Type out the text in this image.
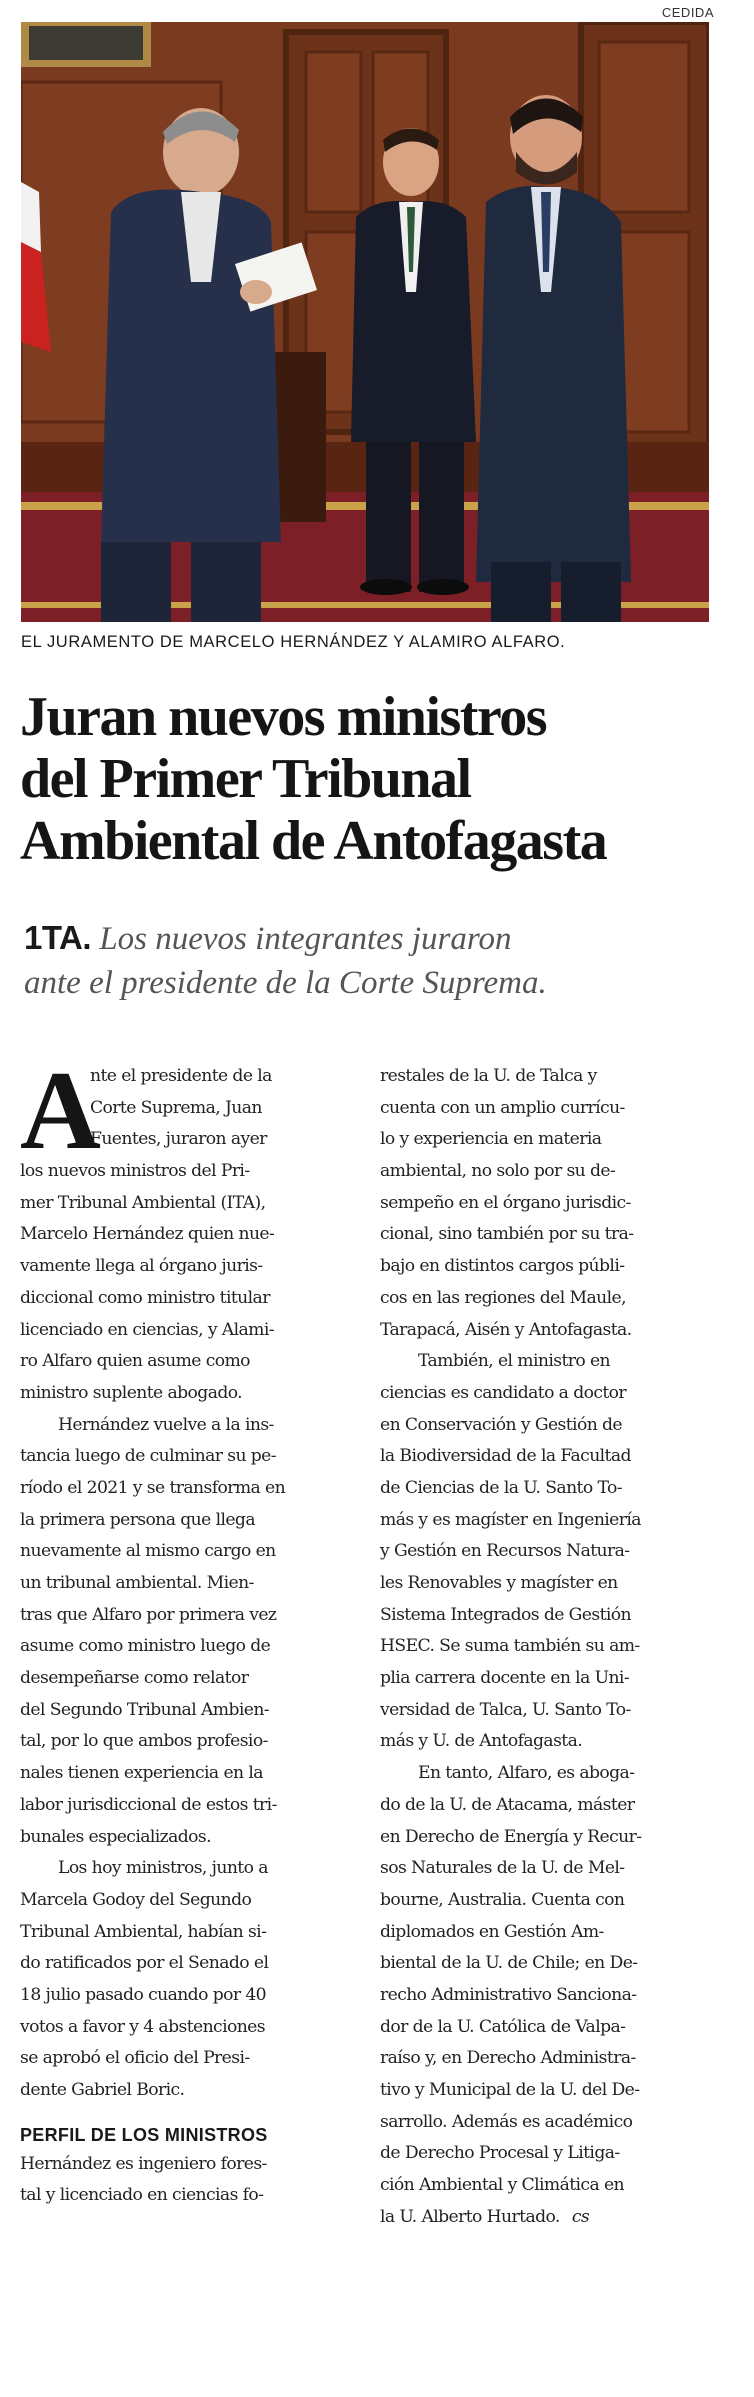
CEDIDA
EL JURAMENTO DE MARCELO HERNÁNDEZ Y ALAMIRO ALFARO.
Juran nuevos ministros
del Primer Tribunal
Ambiental de Antofagasta
1TA. Los nuevos integrantes juraron
ante el presidente de la Corte Suprema.
A
nte el presidente de la
Corte Suprema, Juan
Fuentes, juraron ayer
los nuevos ministros del Pri-
mer Tribunal Ambiental (ITA),
Marcelo Hernández quien nue-
vamente llega al órgano juris-
diccional como ministro titular
licenciado en ciencias, y Alami-
ro Alfaro quien asume como
ministro suplente abogado.
Hernández vuelve a la ins-
tancia luego de culminar su pe-
ríodo el 2021 y se transforma en
la primera persona que llega
nuevamente al mismo cargo en
un tribunal ambiental. Mien-
tras que Alfaro por primera vez
asume como ministro luego de
desempeñarse como relator
del Segundo Tribunal Ambien-
tal, por lo que ambos profesio-
nales tienen experiencia en la
labor jurisdiccional de estos tri-
bunales especializados.
Los hoy ministros, junto a
Marcela Godoy del Segundo
Tribunal Ambiental, habían si-
do ratificados por el Senado el
18 julio pasado cuando por 40
votos a favor y 4 abstenciones
se aprobó el oficio del Presi-
dente Gabriel Boric.
PERFIL DE LOS MINISTROS
Hernández es ingeniero fores-
tal y licenciado en ciencias fo-
restales de la U. de Talca y
cuenta con un amplio currícu-
lo y experiencia en materia
ambiental, no solo por su de-
sempeño en el órgano jurisdic-
cional, sino también por su tra-
bajo en distintos cargos públi-
cos en las regiones del Maule,
Tarapacá, Aisén y Antofagasta.
También, el ministro en
ciencias es candidato a doctor
en Conservación y Gestión de
la Biodiversidad de la Facultad
de Ciencias de la U. Santo To-
más y es magíster en Ingeniería
y Gestión en Recursos Natura-
les Renovables y magíster en
Sistema Integrados de Gestión
HSEC. Se suma también su am-
plia carrera docente en la Uni-
versidad de Talca, U. Santo To-
más y U. de Antofagasta.
En tanto, Alfaro, es aboga-
do de la U. de Atacama, máster
en Derecho de Energía y Recur-
sos Naturales de la U. de Mel-
bourne, Australia. Cuenta con
diplomados en Gestión Am-
biental de la U. de Chile; en De-
recho Administrativo Sanciona-
dor de la U. Católica de Valpa-
raíso y, en Derecho Administra-
tivo y Municipal de la U. del De-
sarrollo. Además es académico
de Derecho Procesal y Litiga-
ción Ambiental y Climática en
la U. Alberto Hurtado. cs
